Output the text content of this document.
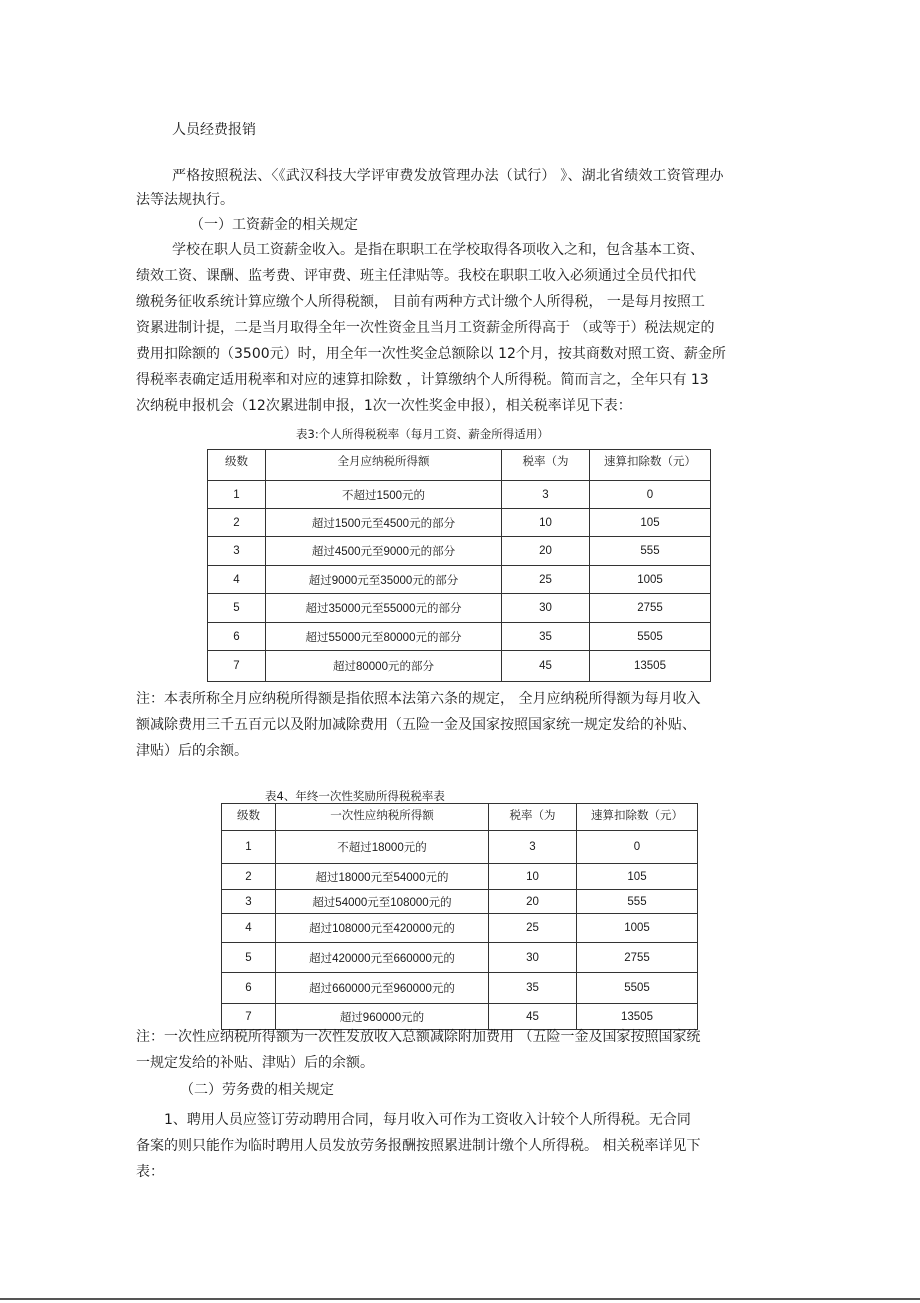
人员经费报销
严格按照税法、〈《武汉科技大学评审费发放管理办法（试行） 》、湖北省绩效工资管理办
法等法规执行。
（一）工资薪金的相关规定
学校在职人员工资薪金收入。是指在职职工在学校取得各项收入之和，包含基本工资、
绩效工资、课酬、监考费、评审费、班主任津贴等。我校在职职工收入必须通过全员代扣代
缴税务征收系统计算应缴个人所得税额， 目前有两种方式计缴个人所得税， 一是每月按照工
资累进制计提，二是当月取得全年一次性资金且当月工资薪金所得高于 （或等于）税法规定的
费用扣除额的（3500元）时，用全年一次性奖金总额除以 12个月，按其商数对照工资、薪金所
得税率表确定适用税率和对应的速算扣除数 ，计算缴纳个人所得税。简而言之，全年只有 13
次纳税申报机会（12次累进制申报，1次一次性奖金申报），相关税率详见下表：
表3:个人所得税税率（每月工资、薪金所得适用）
级数	全月应纳税所得额	税率（为	速算扣除数（元）
1	不超过1500元的	3	0
2	超过1500元至4500元的部分	10	105
3	超过4500元至9000元的部分	20	555
4	超过9000元至35000元的部分	25	1005
5	超过35000元至55000元的部分	30	2755
6	超过55000元至80000元的部分	35	5505
7	超过80000元的部分	45	13505
注：本表所称全月应纳税所得额是指依照本法第六条的规定， 全月应纳税所得额为每月收入
额减除费用三千五百元以及附加减除费用（五险一金及国家按照国家统一规定发给的补贴、
津贴）后的余额。
表4、年终一次性奖励所得税税率表
级数	一次性应纳税所得额	税率（为	速算扣除数（元）
1	不超过18000元的	3	0
2	超过18000元至54000元的	10	105
3	超过54000元至108000元的	20	555
4	超过108000元至420000元的	25	1005
5	超过420000元至660000元的	30	2755
6	超过660000元至960000元的	35	5505
7	超过960000元的	45	13505
注：一次性应纳税所得额为一次性发放收入总额减除附加费用 （五险一金及国家按照国家统
一规定发给的补贴、津贴）后的余额。
（二）劳务费的相关规定
1、聘用人员应签订劳动聘用合同，每月收入可作为工资收入计较个人所得税。无合同
备案的则只能作为临时聘用人员发放劳务报酬按照累进制计缴个人所得税。 相关税率详见下
表：
